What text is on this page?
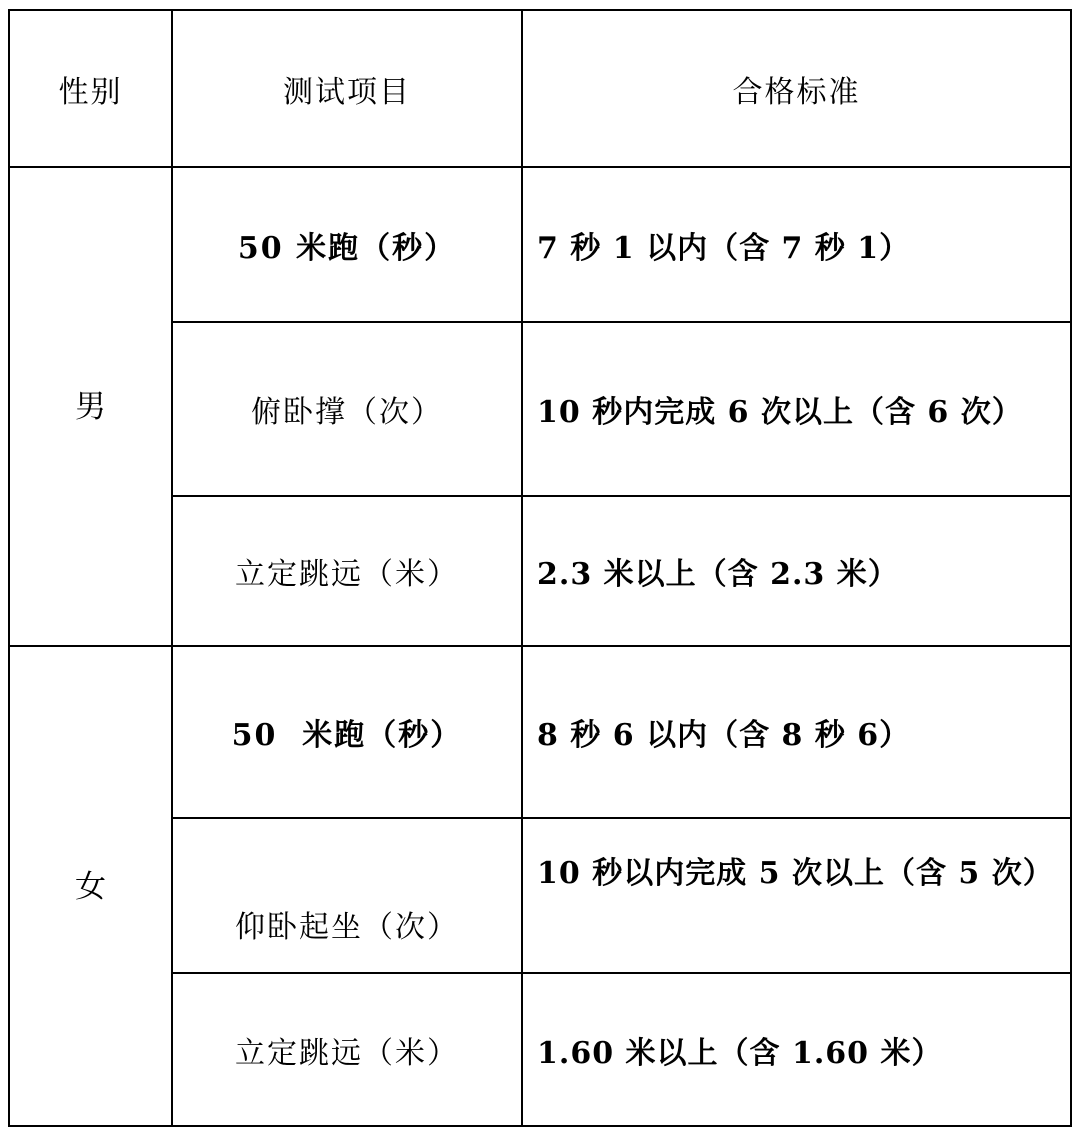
性别	测试项目	合格标准
男	50 米跑（秒）	7 秒 1 以内（含 7 秒 1）
	俯卧撑（次）	10 秒内完成 6 次以上（含 6 次）
	立定跳远（米）	2.3 米以上（含 2.3 米）
女	50  米跑（秒）	8 秒 6 以内（含 8 秒 6）
	仰卧起坐（次）	10 秒以内完成 5 次以上（含 5 次）
	立定跳远（米）	1.60 米以上（含 1.60 米）
